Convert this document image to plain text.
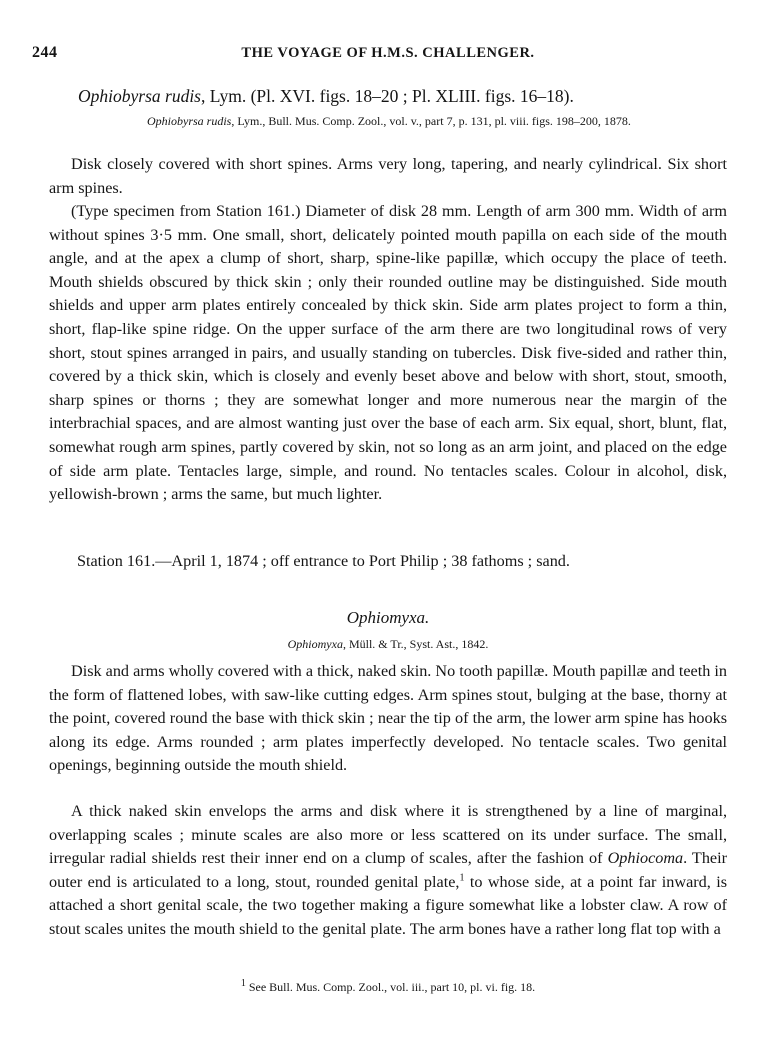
244	THE VOYAGE OF H.M.S. CHALLENGER.
Ophiobyrsa rudis, Lym. (Pl. XVI. figs. 18–20 ; Pl. XLIII. figs. 16–18).
Ophiobyrsa rudis, Lym., Bull. Mus. Comp. Zool., vol. v., part 7, p. 131, pl. viii. figs. 198–200, 1878.

Disk closely covered with short spines. Arms very long, tapering, and nearly cylindrical. Six short arm spines.

(Type specimen from Station 161.) Diameter of disk 28 mm. Length of arm 300 mm. Width of arm without spines 3·5 mm. One small, short, delicately pointed mouth papilla on each side of the mouth angle, and at the apex a clump of short, sharp, spine-like papillæ, which occupy the place of teeth. Mouth shields obscured by thick skin ; only their rounded outline may be distinguished. Side mouth shields and upper arm plates entirely concealed by thick skin. Side arm plates project to form a thin, short, flap-like spine ridge. On the upper surface of the arm there are two longitudinal rows of very short, stout spines arranged in pairs, and usually standing on tubercles. Disk five-sided and rather thin, covered by a thick skin, which is closely and evenly beset above and below with short, stout, smooth, sharp spines or thorns ; they are somewhat longer and more numerous near the margin of the interbrachial spaces, and are almost wanting just over the base of each arm. Six equal, short, blunt, flat, somewhat rough arm spines, partly covered by skin, not so long as an arm joint, and placed on the edge of side arm plate. Tentacles large, simple, and round. No tentacles scales. Colour in alcohol, disk, yellowish-brown ; arms the same, but much lighter.

Station 161.—April 1, 1874 ; off entrance to Port Philip ; 38 fathoms ; sand.
Ophiomyxa.
Ophiomyxa, Müll. & Tr., Syst. Ast., 1842.

Disk and arms wholly covered with a thick, naked skin. No tooth papillæ. Mouth papillæ and teeth in the form of flattened lobes, with saw-like cutting edges. Arm spines stout, bulging at the base, thorny at the point, covered round the base with thick skin ; near the tip of the arm, the lower arm spine has hooks along its edge. Arms rounded ; arm plates imperfectly developed. No tentacle scales. Two genital openings, beginning outside the mouth shield.

A thick naked skin envelops the arms and disk where it is strengthened by a line of marginal, overlapping scales ; minute scales are also more or less scattered on its under surface. The small, irregular radial shields rest their inner end on a clump of scales, after the fashion of Ophiocoma. Their outer end is articulated to a long, stout, rounded genital plate,$^1$ to whose side, at a point far inward, is attached a short genital scale, the two together making a figure somewhat like a lobster claw. A row of stout scales unites the mouth shield to the genital plate. The arm bones have a rather long flat top with a

$^1$ See Bull. Mus. Comp. Zool., vol. iii., part 10, pl. vi. fig. 18.
